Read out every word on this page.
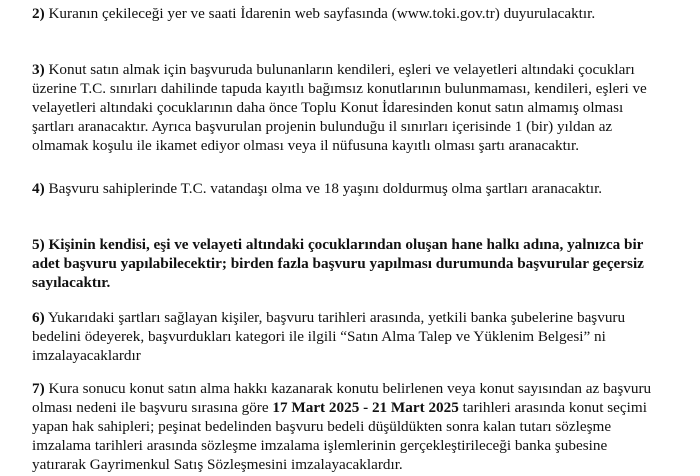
2) Kuranın çekileceği yer ve saati İdarenin web sayfasında (www.toki.gov.tr) duyurulacaktır.

3) Konut satın almak için başvuruda bulunanların kendileri, eşleri ve velayetleri altındaki çocukları
üzerine T.C. sınırları dahilinde tapuda kayıtlı bağımsız konutlarının bulunmaması, kendileri, eşleri ve
velayetleri altındaki çocuklarının daha önce Toplu Konut İdaresinden konut satın almamış olması
şartları aranacaktır. Ayrıca başvurulan projenin bulunduğu il sınırları içerisinde 1 (bir) yıldan az
olmamak koşulu ile ikamet ediyor olması veya il nüfusuna kayıtlı olması şartı aranacaktır.

4) Başvuru sahiplerinde T.C. vatandaşı olma ve 18 yaşını doldurmuş olma şartları aranacaktır.

5) Kişinin kendisi, eşi ve velayeti altındaki çocuklarından oluşan hane halkı adına, yalnızca bir
adet başvuru yapılabilecektir; birden fazla başvuru yapılması durumunda başvurular geçersiz
sayılacaktır.

6) Yukarıdaki şartları sağlayan kişiler, başvuru tarihleri arasında, yetkili banka şubelerine başvuru
bedelini ödeyerek, başvurdukları kategori ile ilgili “Satın Alma Talep ve Yüklenim Belgesi” ni
imzalayacaklardır

7) Kura sonucu konut satın alma hakkı kazanarak konutu belirlenen veya konut sayısından az başvuru
olması nedeni ile başvuru sırasına göre 17 Mart 2025 - 21 Mart 2025 tarihleri arasında konut seçimi
yapan hak sahipleri; peşinat bedelinden başvuru bedeli düşüldükten sonra kalan tutarı sözleşme
imzalama tarihleri arasında sözleşme imzalama işlemlerinin gerçekleştirileceği banka şubesine
yatırarak Gayrimenkul Satış Sözleşmesini imzalayacaklardır.
